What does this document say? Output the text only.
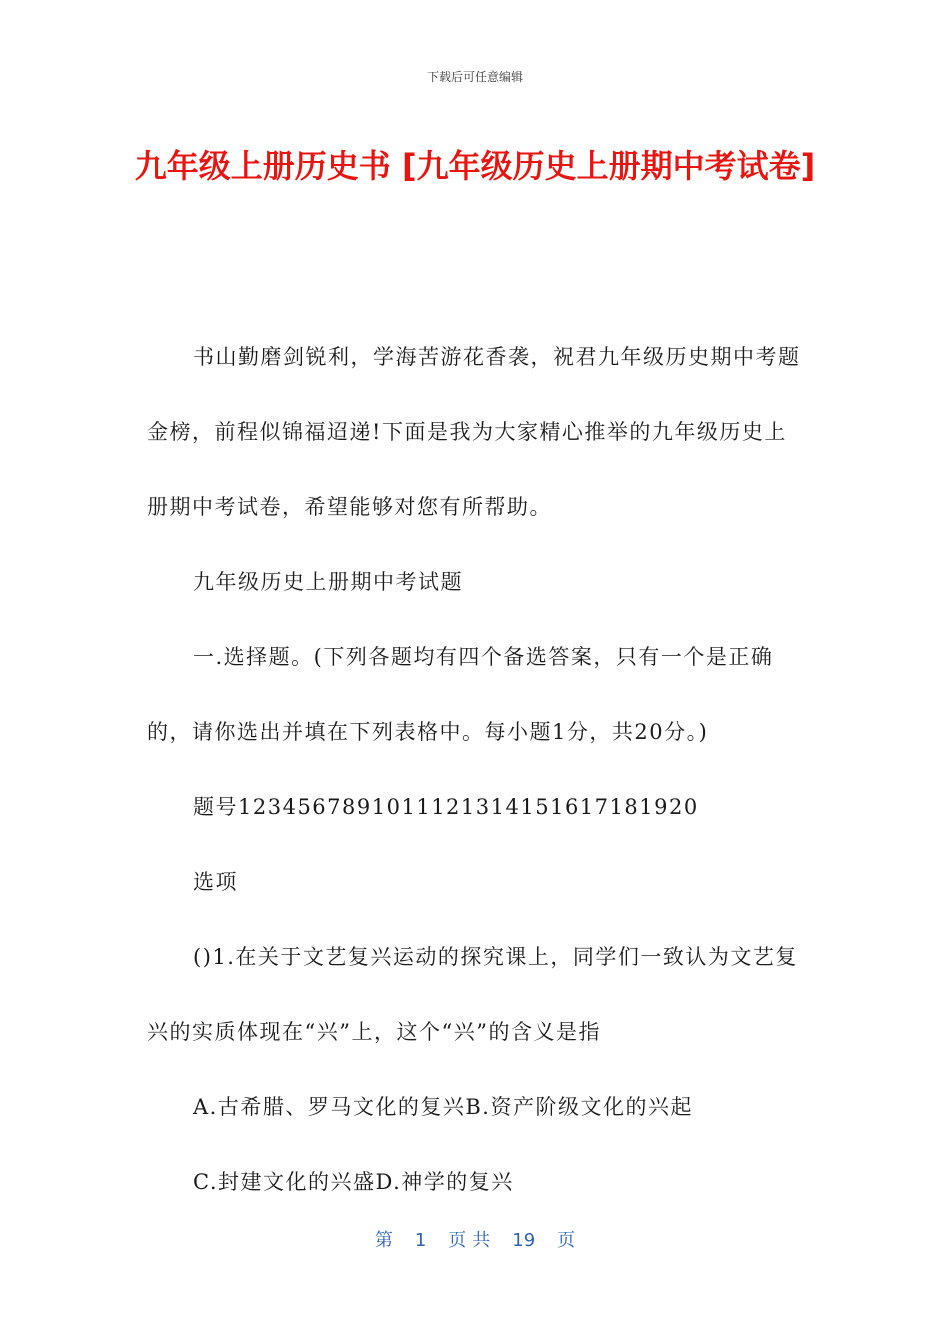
下载后可任意编辑
九年级上册历史书 [九年级历史上册期中考试卷]

书山勤磨剑锐利，学海苦游花香袭，祝君九年级历史期中考题金榜，前程似锦福迢递!下面是我为大家精心推举的九年级历史上册期中考试卷，希望能够对您有所帮助。

九年级历史上册期中考试题

一.选择题。(下列各题均有四个备选答案，只有一个是正确的，请你选出并填在下列表格中。每小题1分，共20分。)

题号1234567891011121314151617181920

选项

()1.在关于文艺复兴运动的探究课上，同学们一致认为文艺复兴的实质体现在“兴”上，这个“兴”的含义是指

A.古希腊、罗马文化的复兴B.资产阶级文化的兴起

C.封建文化的兴盛D.神学的复兴

第 1 页 共 19 页
